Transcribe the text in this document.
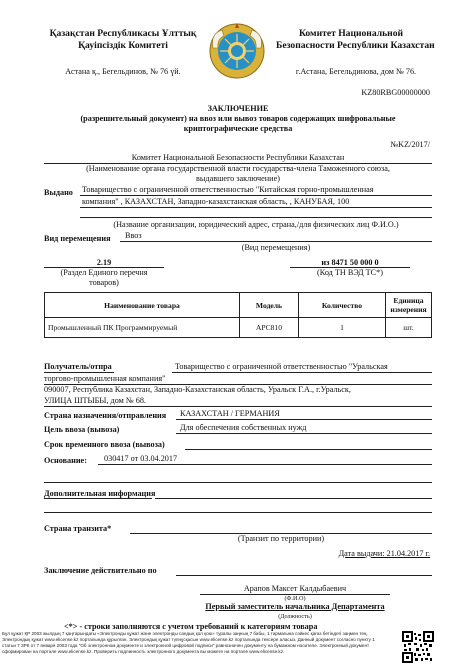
Қазақстан Республикасы Ұлттық
Қауіпсіздік Комитеті
Комитет Национальной
Безопасности Республики Казахстан
Астана қ., Бегельдинов, № 76 үй.	г.Астана, Бегельдинова, дом № 76.
KZ80RBG00000000
ЗАКЛЮЧЕНИЕ
(разрешительный документ) на ввоз или вывоз товаров содержащих шифровальные
криптографические средства
№KZ/2017/
Комитет Национальной Безопасности Республики Казахстан
(Наименование органа государственной власти государства-члена Таможенного союза,
выдавшего заключение)
Выдано Товарищество с ограниченной ответственностью "Китайская горно-промышленная
компания" , КАЗАХСТАН, Западно-казахстанская область, , КАНУБАЯ, 100
(Название организации, юридический адрес, страна,/для физических лиц Ф.И.О.)
Вид перемещения Ввоз
(Вид перемещения)
2.19
(Раздел Единого перечня
товаров)
из 8471 50 000 0
(Код ТН ВЭД ТС*)
Наименование товара	Модель	Количество	Единица измерения
Промышленный ПК Программируемый	APC810	1	шт.
Получатель/отпра	Товарищество с ограниченной ответственностью "Уральская
торгово-промышленная компания"
090007, Республика Казахстан, Западно-Казахстанская область, Уральск Г.А., г.Уральск,
УЛИЦА ШТЫБЫ, дом № 68.
Страна назначения/отправления КАЗАХСТАН / ГЕРМАНИЯ
Цель ввоза (вывоза)	Для обеспечения собственных нужд
Срок временного ввоза (вывоза)
Основание: 030417 от 03.04.2017
Дополнительная информация
Страна транзита*
(Транзит по территории)
Дата выдачи: 21.04.2017 г.
Заключение действительно по
Арапов Максет Калдыбаевич
(Ф.И.О)
Первый заместитель начальника Департамента
(Должность)
<*> - строки заполняются с учетом требований к категориям товара
Бұл құжат ҚР 2003 жылдың 7 қаңтарындағы «Электронды құжат және электронды сандық қол қою» туралы заңның 7 бабы, 1 тармағына сәйкес қағаз бетіндегі заңмен тең. Электрондық құжат www.elicense.kz порталында құрылған. Электрондық құжат түпнұсқасын www.elicense.kz порталында тексере аласыз. Данный документ согласно пункту 1 статьи 7 ЗРК от 7 января 2003 года "Об электронном документе и электронной цифровой подписи" равнозначен документу на бумажном носителе. Электронный документ сформирован на портале www.elicense.kz. Проверить подлинность электронного документа вы можете на портале www.elicense.kz.
